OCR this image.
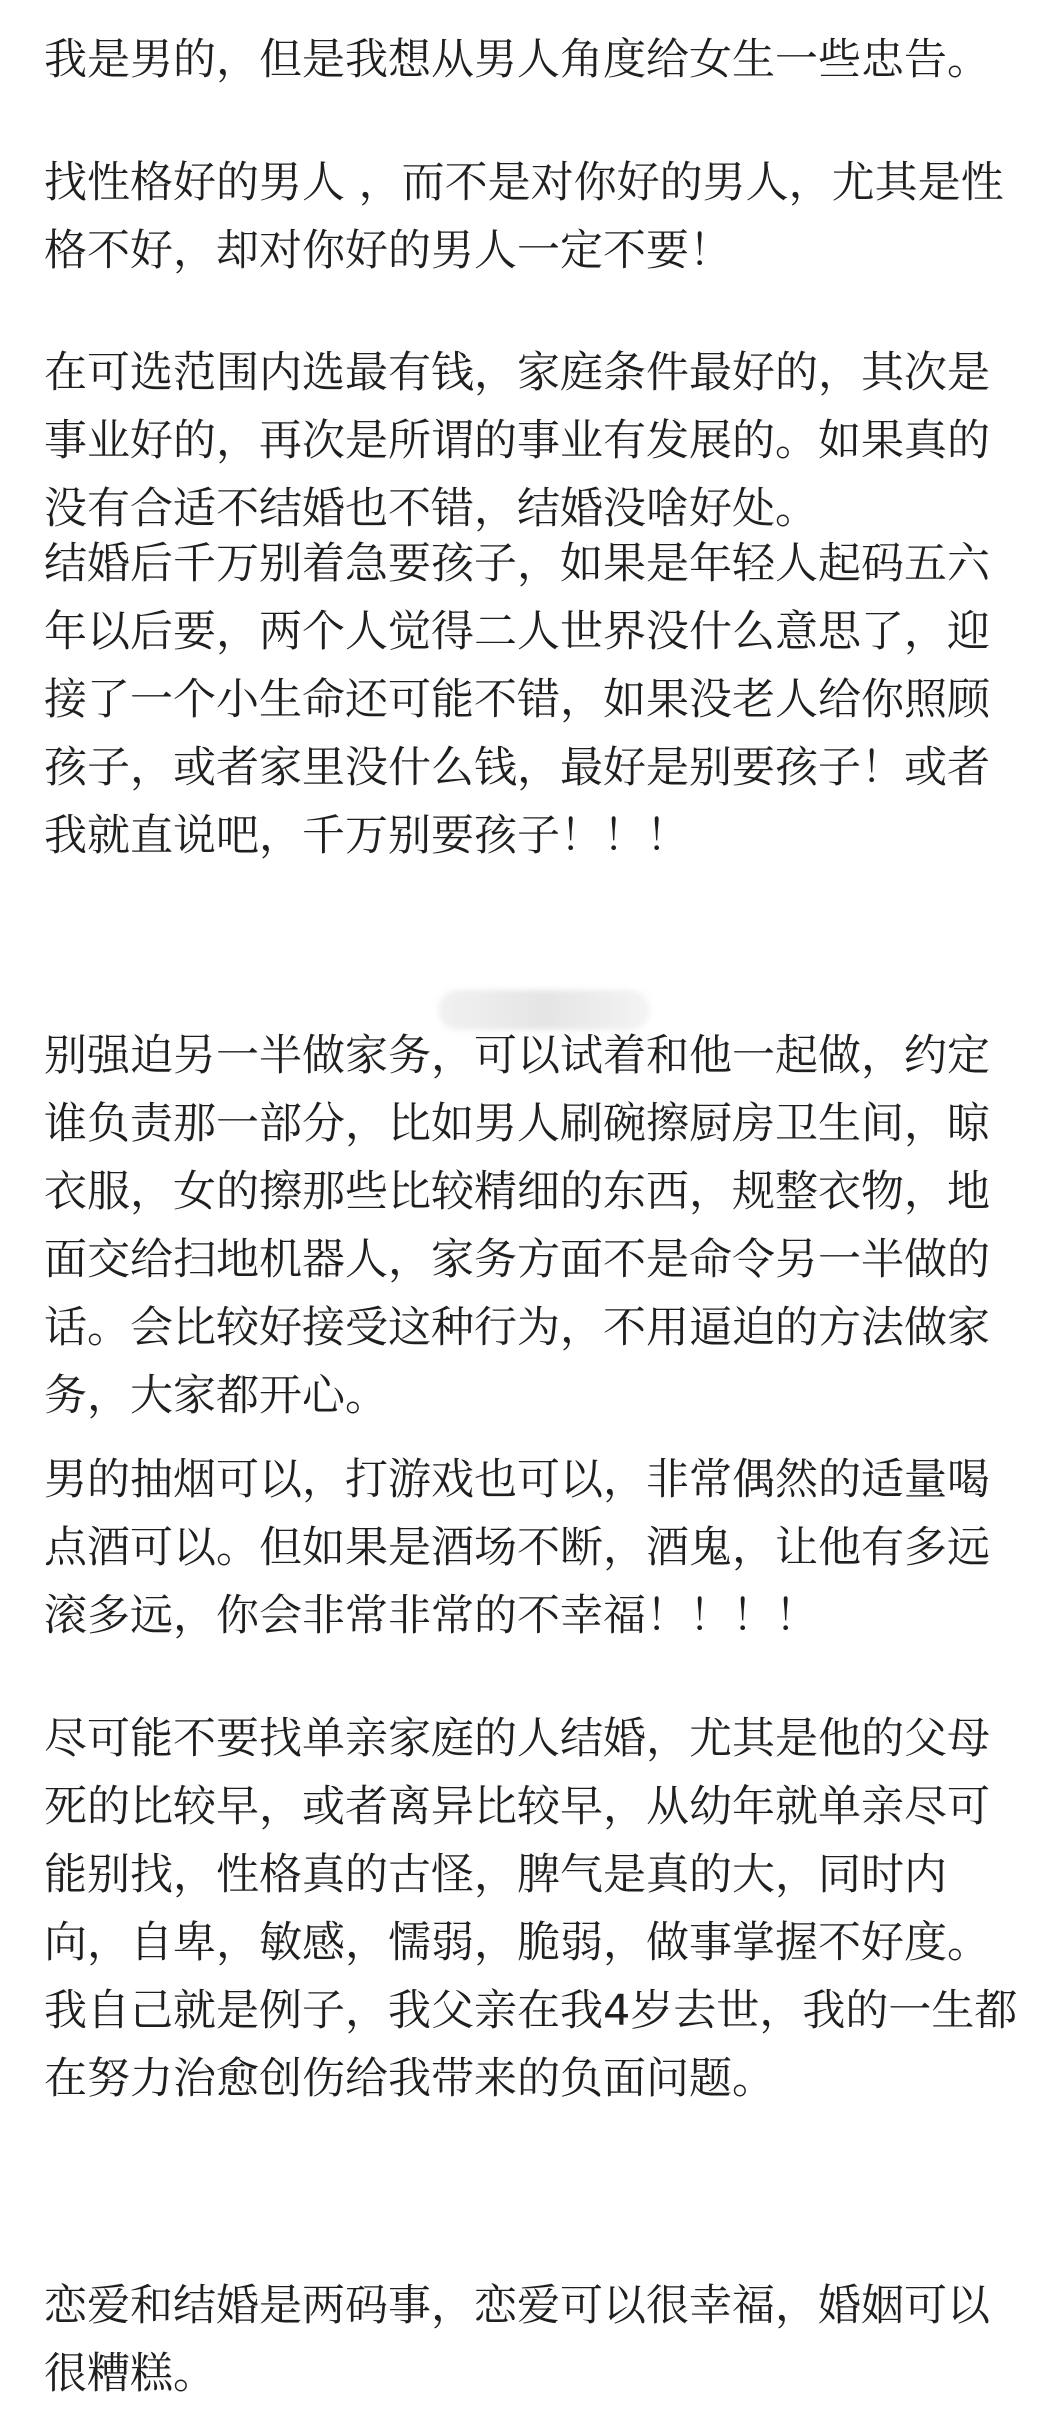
我是男的，但是我想从男人角度给女生一些忠告。

找性格好的男人 ，而不是对你好的男人，尤其是性
格不好，却对你好的男人一定不要！

在可选范围内选最有钱，家庭条件最好的，其次是
事业好的，再次是所谓的事业有发展的。如果真的
没有合适不结婚也不错，结婚没啥好处。

结婚后千万别着急要孩子，如果是年轻人起码五六
年以后要，两个人觉得二人世界没什么意思了，迎
接了一个小生命还可能不错，如果没老人给你照顾
孩子，或者家里没什么钱，最好是别要孩子！或者
我就直说吧，千万别要孩子！！！

别强迫另一半做家务，可以试着和他一起做，约定
谁负责那一部分，比如男人刷碗擦厨房卫生间，晾
衣服，女的擦那些比较精细的东西，规整衣物，地
面交给扫地机器人，家务方面不是命令另一半做的
话。会比较好接受这种行为，不用逼迫的方法做家
务，大家都开心。

男的抽烟可以，打游戏也可以，非常偶然的适量喝
点酒可以。但如果是酒场不断，酒鬼，让他有多远
滚多远，你会非常非常的不幸福！！！！

尽可能不要找单亲家庭的人结婚，尤其是他的父母
死的比较早，或者离异比较早，从幼年就单亲尽可
能别找，性格真的古怪，脾气是真的大，同时内
向，自卑，敏感，懦弱，脆弱，做事掌握不好度。
我自己就是例子，我父亲在我4岁去世，我的一生都
在努力治愈创伤给我带来的负面问题。

恋爱和结婚是两码事，恋爱可以很幸福，婚姻可以
很糟糕。
